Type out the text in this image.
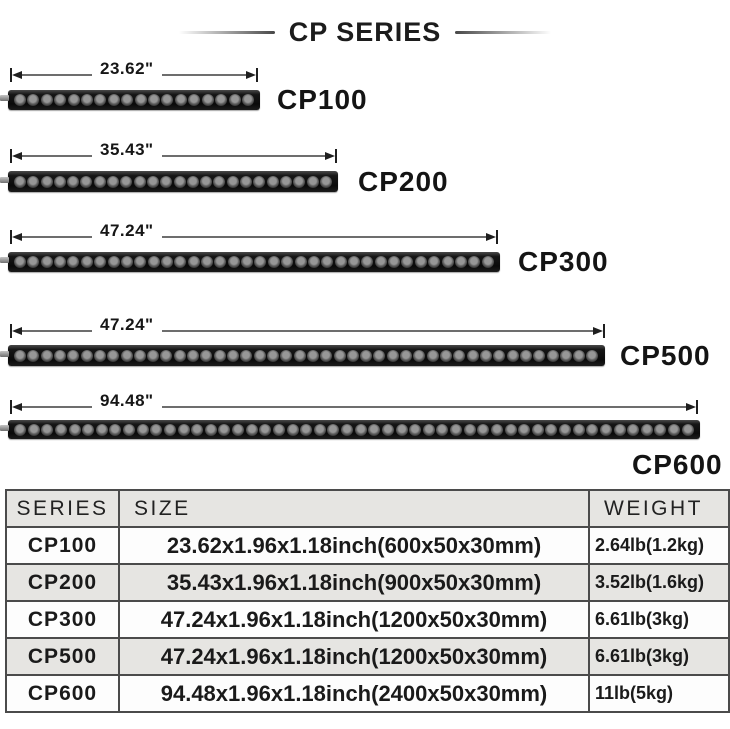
CP SERIES
23.62"
CP100
35.43"
CP200
47.24"
CP300
47.24"
CP500
94.48"
CP600
SERIES	SIZE	WEIGHT
CP100	23.62x1.96x1.18inch(600x50x30mm)	2.64lb(1.2kg)
CP200	35.43x1.96x1.18inch(900x50x30mm)	3.52lb(1.6kg)
CP300	47.24x1.96x1.18inch(1200x50x30mm)	6.61lb(3kg)
CP500	47.24x1.96x1.18inch(1200x50x30mm)	6.61lb(3kg)
CP600	94.48x1.96x1.18inch(2400x50x30mm)	11lb(5kg)
